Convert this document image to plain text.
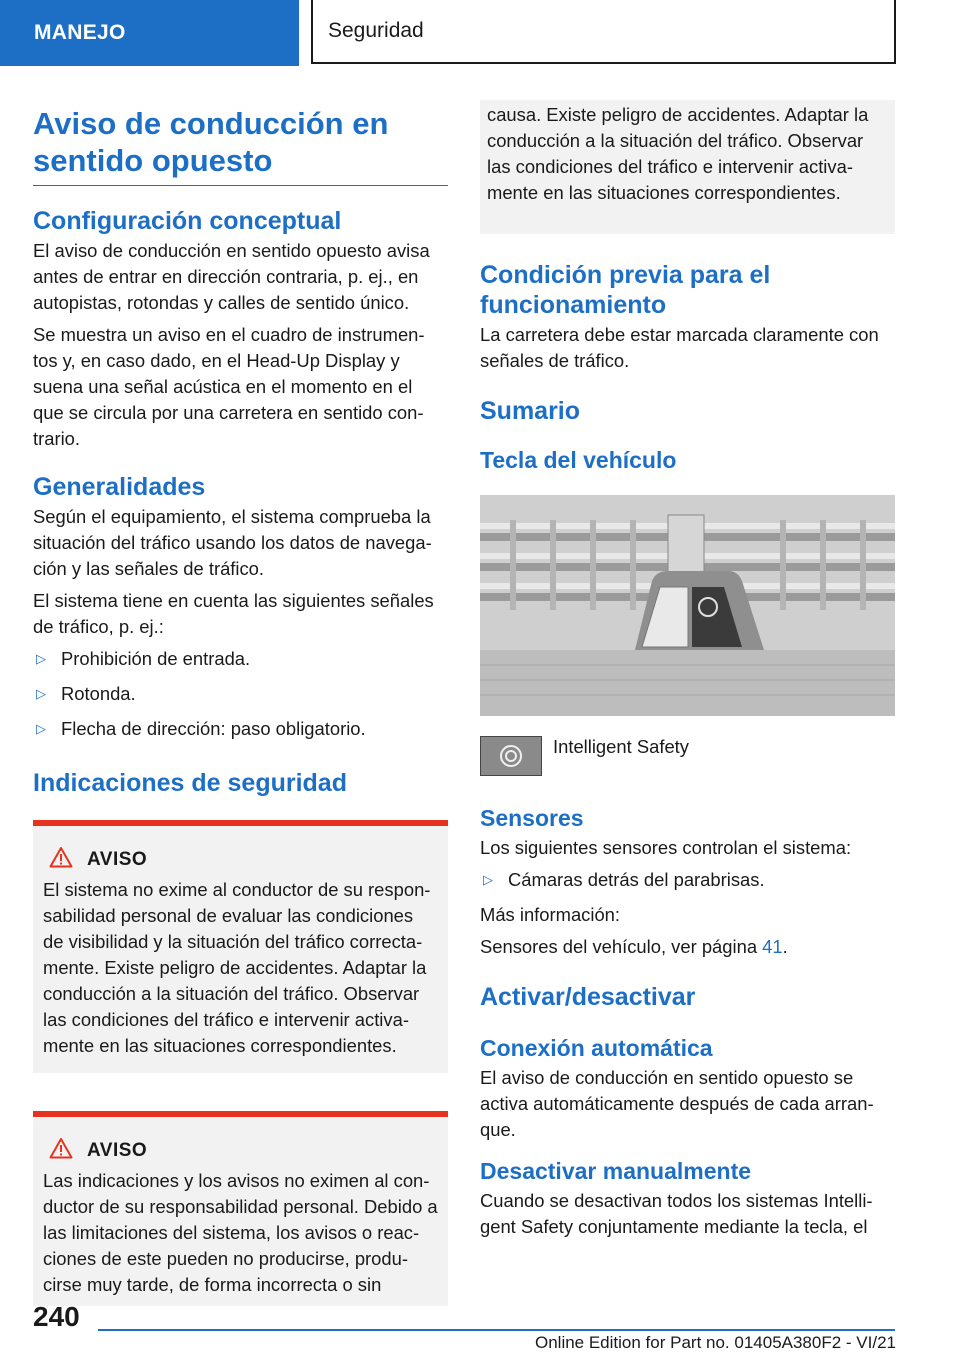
MANEJO	Seguridad
Aviso de conducción en sentido opuesto
Configuración conceptual

El aviso de conducción en sentido opuesto avisa antes de entrar en dirección contraria, p. ej., en autopistas, rotondas y calles de sentido único.

Se muestra un aviso en el cuadro de instrumen‐tos y, en caso dado, en el Head-Up Display y suena una señal acústica en el momento en el que se circula por una carretera en sentido con‐trario.

Generalidades

Según el equipamiento, el sistema comprueba la situación del tráfico usando los datos de navega‐ción y las señales de tráfico.

El sistema tiene en cuenta las siguientes señales de tráfico, p. ej.:

▷ Prohibición de entrada.
▷ Rotonda.
▷ Flecha de dirección: paso obligatorio.
Indicaciones de seguridad
AVISO

El sistema no exime al conductor de su respon‐sabilidad personal de evaluar las condiciones de visibilidad y la situación del tráfico correcta‐mente. Existe peligro de accidentes. Adaptar la conducción a la situación del tráfico. Observar las condiciones del tráfico e intervenir activa‐mente en las situaciones correspondientes.

AVISO

Las indicaciones y los avisos no eximen al con‐ductor de su responsabilidad personal. Debido a las limitaciones del sistema, los avisos o reac‐ciones de este pueden no producirse, produ‐cirse muy tarde, de forma incorrecta o sin

causa. Existe peligro de accidentes. Adaptar la conducción a la situación del tráfico. Observar las condiciones del tráfico e intervenir activa‐mente en las situaciones correspondientes.

Condición previa para el funcionamiento

La carretera debe estar marcada claramente con señales de tráfico.

Sumario
Tecla del vehículo

Intelligent Safety

Sensores

Los siguientes sensores controlan el sistema:

▷ Cámaras detrás del parabrisas.

Más información:

Sensores del vehículo, ver página 41.

Activar/desactivar
Conexión automática

El aviso de conducción en sentido opuesto se activa automáticamente después de cada arran‐que.

Desactivar manualmente

Cuando se desactivan todos los sistemas Intelli‐gent Safety conjuntamente mediante la tecla, el

240
Online Edition for Part no. 01405A380F2 - VI/21
